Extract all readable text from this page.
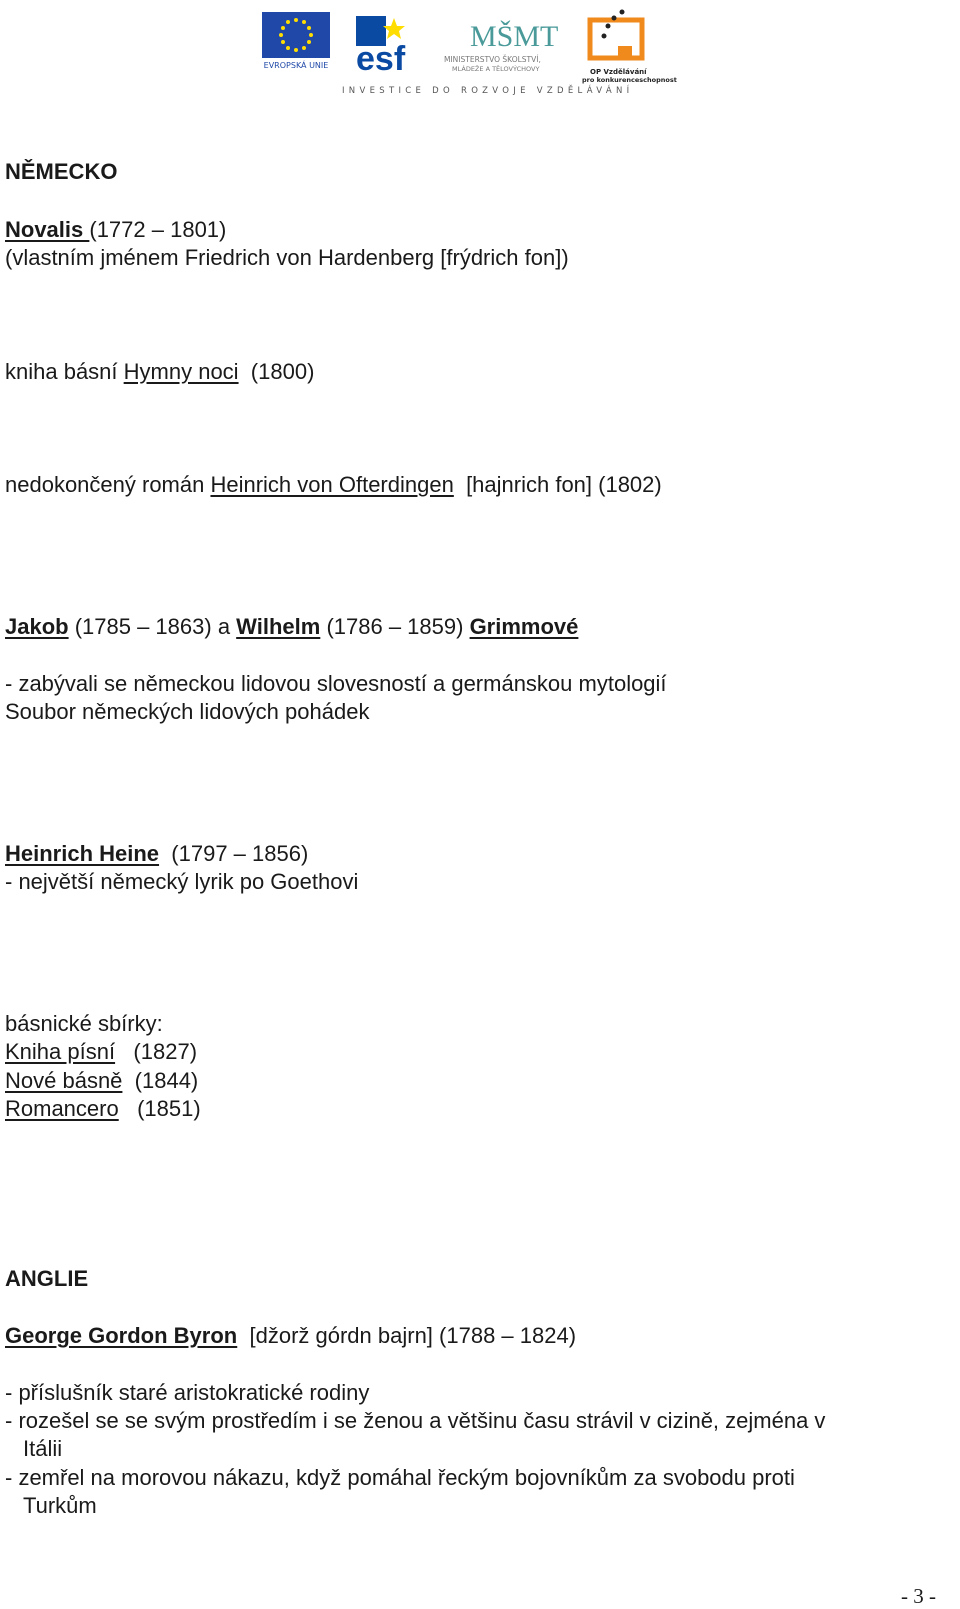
EVROPSKÁ UNIE esf
MŠMT
MINISTERSTVO ŠKOLSTVÍ,
MLÁDEŽE A TĚLOVÝCHOVY	OP Vzdělávání
pro konkurenceschopnost
INVESTICE DO ROZVOJE VZDĚLÁVÁNÍ
NĚMECKO
Novalis (1772 – 1801)
(vlastním jménem Friedrich von Hardenberg [frýdrich fon])
kniha básní Hymny noci (1800)
nedokončený román Heinrich von Ofterdingen [hajnrich fon] (1802)
Jakob (1785 – 1863) a Wilhelm (1786 – 1859) Grimmové
- zabývali se německou lidovou slovesností a germánskou mytologií
Soubor německých lidových pohádek
Heinrich Heine (1797 – 1856)
- největší německý lyrik po Goethovi
básnické sbírky:
Kniha písní (1827)
Nové básně (1844)
Romancero (1851)
ANGLIE
George Gordon Byron [džorž górdn bajrn] (1788 – 1824)
- příslušník staré aristokratické rodiny
- rozešel se se svým prostředím i se ženou a většinu času strávil v cizině, zejména v
Itálii
- zemřel na morovou nákazu, když pomáhal řeckým bojovníkům za svobodu proti
Turkům
- 3 -
